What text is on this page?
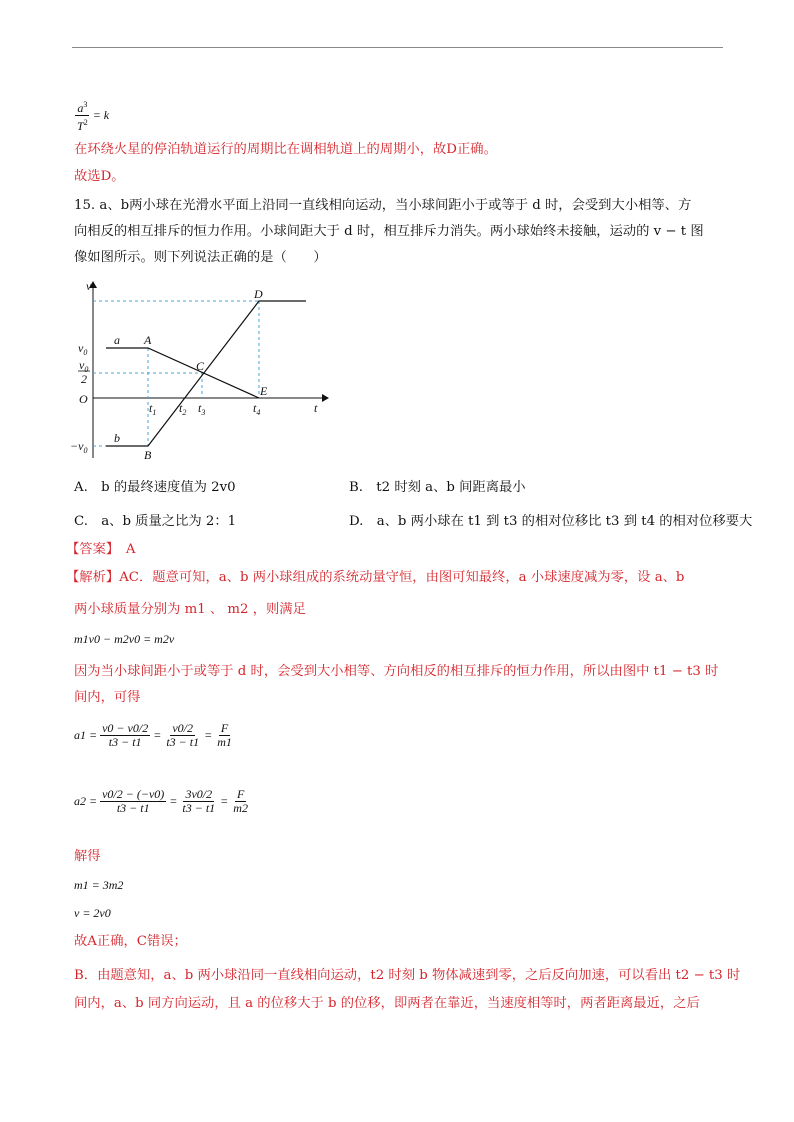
$\frac{a^3}{T^2} = k$
在环绕火星的停泊轨道运行的周期比在调相轨道上的周期小，故D正确。
故选D。
15. a、b两小球在光滑水平面上沿同一直线相向运动，当小球间距小于或等于 d 时，会受到大小相等、方
向相反的相互排斥的恒力作用。小球间距大于 d 时，相互排斥力消失。两小球始终未接触，运动的 v − t 图
像如图所示。则下列说法正确的是（　　）
v
t
O
$v_0$
$v_0$
2
$-v_0$
a
b
A
B
C
D
E
$t_1$ $t_2$ $t_3$	$t_4$
A.　b 的最终速度值为 2v0	B.　t2 时刻 a、b 间距离最小
C.　a、b 质量之比为 2：1	D.　a、b 两小球在 t1 到 t3 的相对位移比 t3 到 t4 的相对位移要大
【答案】　 A
【解析】AC．题意可知，a、b 两小球组成的系统动量守恒，由图可知最终，a 小球速度减为零，设 a、b
两小球质量分别为 m1 、 m2 ，则满足
m1v0 − m2v0 = m2v
因为当小球间距小于或等于 d 时，会受到大小相等、方向相反的相互排斥的恒力作用，所以由图中 t1 − t3 时
间内，可得
$a1 = \frac{v0 - v0/2}{t3 - t1} = \frac{v0/2}{t3 - t1} = \frac{F}{m1}$
$a2 = \frac{v0/2 - (-v0)}{t3 - t1} = \frac{3v0/2}{t3 - t1} = \frac{F}{m2}$
解得
m1 = 3m2
v = 2v0
故A正确，C错误；
B．由题意知，a、b 两小球沿同一直线相向运动，t2 时刻 b 物体减速到零，之后反向加速，可以看出 t2 − t3 时
间内，a、b 同方向运动，且 a 的位移大于 b 的位移，即两者在靠近，当速度相等时，两者距离最近，之后
